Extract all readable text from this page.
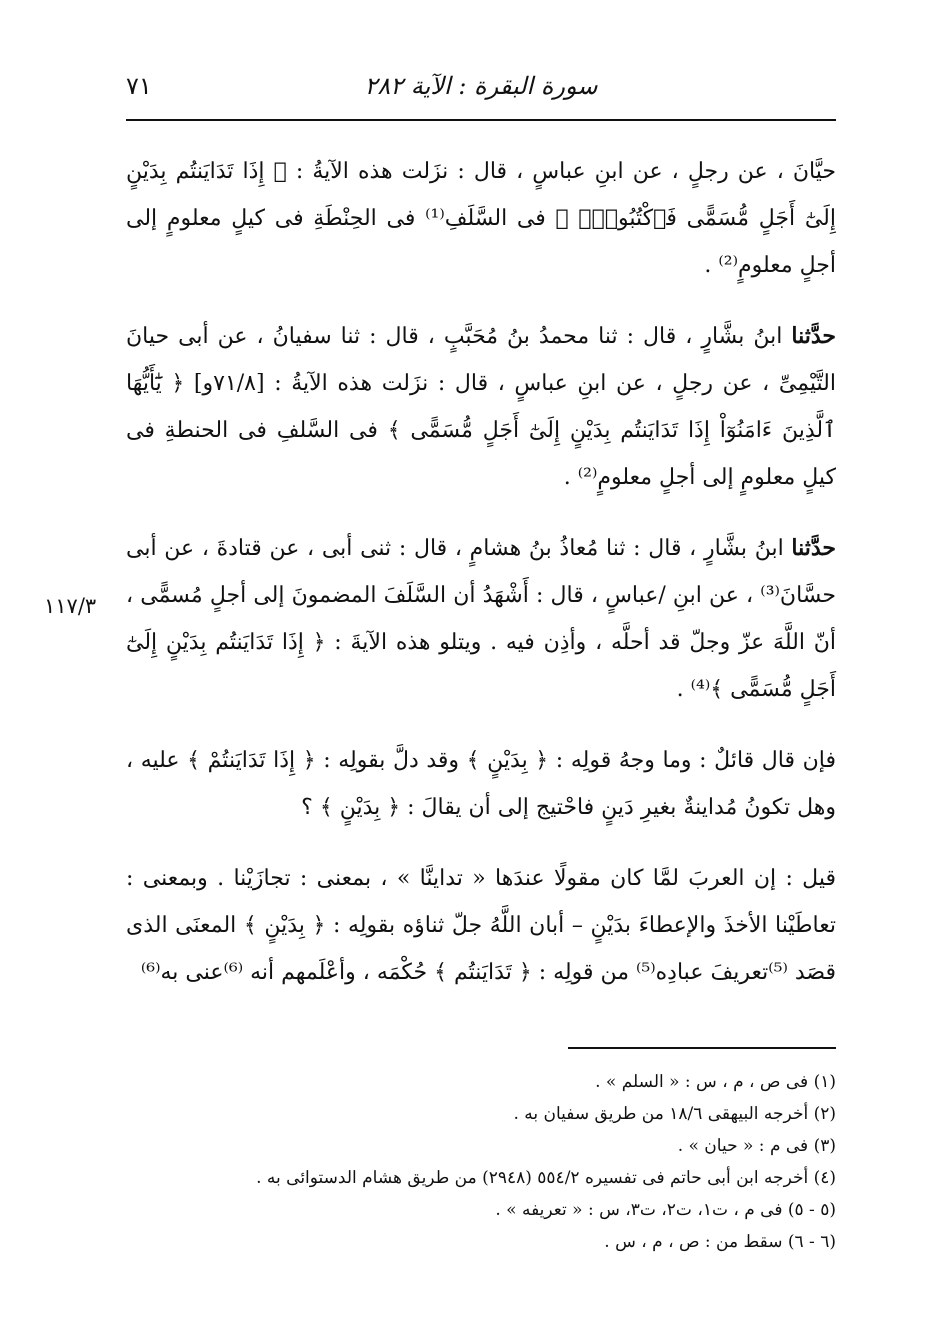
سورة البقرة : الآية ٢٨٢
٧١
١١٧/٣

حيَّانَ ، عن رجلٍ ، عن ابنِ عباسٍ ، قال : نزَلت هذه الآيةُ : ﴿ إِذَا تَدَايَنتُم بِدَيْنٍ إِلَىٰٓ أَجَلٍ مُّسَمًّى فَٱكْتُبُوهُۚ ﴾ فى السَّلَفِ⁽¹⁾ فى الحِنْطَةِ فى كيلٍ معلومٍ إلى أجلٍ معلومٍ⁽²⁾ .

حدَّثنا ابنُ بشَّارٍ ، قال : ثنا محمدُ بنُ مُحَبَّبٍ ، قال : ثنا سفيانُ ، عن أبى حيانَ التَّيْمِىِّ ، عن رجلٍ ، عن ابنِ عباسٍ ، قال : نزَلت هذه الآيةُ : [٧١/٨و] ﴿ يَٰٓأَيُّهَا ٱلَّذِينَ ءَامَنُوٓاْ إِذَا تَدَايَنتُم بِدَيْنٍ إِلَىٰٓ أَجَلٍ مُّسَمًّى ﴾ فى السَّلفِ فى الحنطةِ فى كيلٍ معلومٍ إلى أجلٍ معلومٍ⁽²⁾ .

حدَّثنا ابنُ بشَّارٍ ، قال : ثنا مُعاذُ بنُ هشامٍ ، قال : ثنى أبى ، عن قتادةَ ، عن أبى حسَّانَ⁽³⁾ ، عن ابنِ /عباسٍ ، قال : أَشْهَدُ أن السَّلَفَ المضمونَ إلى أجلٍ مُسمًّى ، أنّ اللَّهَ عزّ وجلّ قد أحلَّه ، وأذِن فيه . ويتلو هذه الآيةَ : ﴿ إِذَا تَدَايَنتُم بِدَيْنٍ إِلَىٰٓ أَجَلٍ مُّسَمًّى ﴾⁽⁴⁾ .

فإن قال قائلٌ : وما وجهُ قولِه : ﴿ بِدَيْنٍ ﴾ وقد دلَّ بقولِه : ﴿ إِذَا تَدَايَنتُمْ ﴾ عليه ، وهل تكونُ مُداينةٌ بغيرِ دَينٍ فاحْتيج إلى أن يقالَ : ﴿ بِدَيْنٍ ﴾ ؟

قيل : إن العربَ لمَّا كان مقولًا عندَها « تداينَّا » ، بمعنى : تجازَيْنا . وبمعنى : تعاطَيْنا الأخذَ والإعطاءَ بدَيْنٍ – أبان اللَّهُ جلّ ثناؤه بقولِه : ﴿ بِدَيْنٍ ﴾ المعنَى الذى قصَد ⁽⁵⁾تعريفَ عبادِه⁽⁵⁾ من قولِه : ﴿ تَدَايَنتُم ﴾ حُكْمَه ، وأعْلَمهم أنه ⁽⁶⁾عنى به⁽⁶⁾

(١) فى ص ، م ، س : « السلم » .
(٢) أخرجه البيهقى ١٨/٦ من طريق سفيان به .
(٣) فى م : « حيان » .
(٤) أخرجه ابن أبى حاتم فى تفسيره ٥٥٤/٢ (٢٩٤٨) من طريق هشام الدستوائى به .
(٥ - ٥) فى م ، ت١، ت٢، ت٣، س : « تعريفه » .
(٦ - ٦) سقط من : ص ، م ، س .
